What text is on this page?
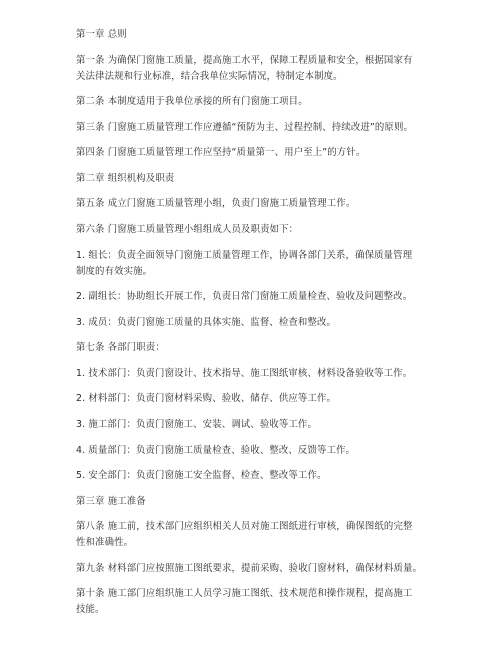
第一章 总则
第一条 为确保门窗施工质量，提高施工水平，保障工程质量和安全，根据国家有
关法律法规和行业标准，结合我单位实际情况，特制定本制度。
第二条 本制度适用于我单位承接的所有门窗施工项目。
第三条 门窗施工质量管理工作应遵循“预防为主、过程控制、持续改进”的原则。
第四条 门窗施工质量管理工作应坚持“质量第一、用户至上”的方针。
第二章 组织机构及职责
第五条 成立门窗施工质量管理小组，负责门窗施工质量管理工作。
第六条 门窗施工质量管理小组组成人员及职责如下：
1. 组长：负责全面领导门窗施工质量管理工作，协调各部门关系，确保质量管理
制度的有效实施。
2. 副组长：协助组长开展工作，负责日常门窗施工质量检查、验收及问题整改。
3. 成员：负责门窗施工质量的具体实施、监督、检查和整改。
第七条 各部门职责：
1. 技术部门：负责门窗设计、技术指导、施工图纸审核、材料设备验收等工作。
2. 材料部门：负责门窗材料采购、验收、储存、供应等工作。
3. 施工部门：负责门窗施工、安装、调试、验收等工作。
4. 质量部门：负责门窗施工质量检查、验收、整改、反馈等工作。
5. 安全部门：负责门窗施工安全监督、检查、整改等工作。
第三章 施工准备
第八条 施工前，技术部门应组织相关人员对施工图纸进行审核，确保图纸的完整
性和准确性。
第九条 材料部门应按照施工图纸要求，提前采购、验收门窗材料，确保材料质量。
第十条 施工部门应组织施工人员学习施工图纸、技术规范和操作规程，提高施工
技能。
